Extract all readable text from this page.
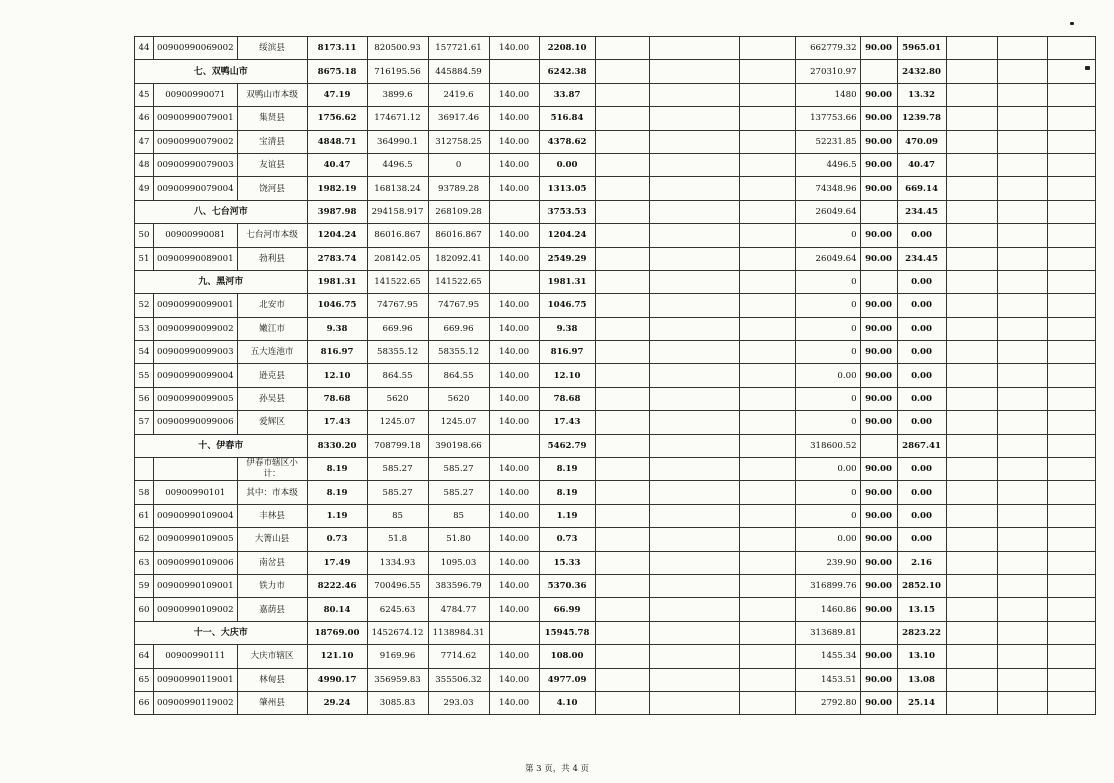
44	00900990069002	绥滨县	8173.11	820500.93	157721.61	140.00	2208.10				662779.32	90.00	5965.01			
七、双鸭山市			8675.18	716195.56	445884.59		6242.38				270310.97		2432.80			
45	00900990071	双鸭山市本级	47.19	3899.6	2419.6	140.00	33.87				1480	90.00	13.32			
46	00900990079001	集贤县	1756.62	174671.12	36917.46	140.00	516.84				137753.66	90.00	1239.78			
47	00900990079002	宝清县	4848.71	364990.1	312758.25	140.00	4378.62				52231.85	90.00	470.09			
48	00900990079003	友谊县	40.47	4496.5	0	140.00	0.00				4496.5	90.00	40.47			
49	00900990079004	饶河县	1982.19	168138.24	93789.28	140.00	1313.05				74348.96	90.00	669.14			
八、七台河市			3987.98	294158.917	268109.28		3753.53				26049.64		234.45			
50	00900990081	七台河市本级	1204.24	86016.867	86016.867	140.00	1204.24				0	90.00	0.00			
51	00900990089001	勃利县	2783.74	208142.05	182092.41	140.00	2549.29				26049.64	90.00	234.45			
九、黑河市			1981.31	141522.65	141522.65		1981.31				0		0.00			
52	00900990099001	北安市	1046.75	74767.95	74767.95	140.00	1046.75				0	90.00	0.00			
53	00900990099002	嫩江市	9.38	669.96	669.96	140.00	9.38				0	90.00	0.00			
54	00900990099003	五大连池市	816.97	58355.12	58355.12	140.00	816.97				0	90.00	0.00			
55	00900990099004	逊克县	12.10	864.55	864.55	140.00	12.10				0.00	90.00	0.00			
56	00900990099005	孙吴县	78.68	5620	5620	140.00	78.68				0	90.00	0.00			
57	00900990099006	爱辉区	17.43	1245.07	1245.07	140.00	17.43				0	90.00	0.00			
十、伊春市			8330.20	708799.18	390198.66		5462.79				318600.52		2867.41			
		伊春市辖区小计：	8.19	585.27	585.27	140.00	8.19				0.00	90.00	0.00			
58	00900990101	其中：市本级	8.19	585.27	585.27	140.00	8.19				0	90.00	0.00			
61	00900990109004	丰林县	1.19	85	85	140.00	1.19				0	90.00	0.00			
62	00900990109005	大箐山县	0.73	51.8	51.80	140.00	0.73				0.00	90.00	0.00			
63	00900990109006	南岔县	17.49	1334.93	1095.03	140.00	15.33				239.90	90.00	2.16			
59	00900990109001	铁力市	8222.46	700496.55	383596.79	140.00	5370.36				316899.76	90.00	2852.10			
60	00900990109002	嘉荫县	80.14	6245.63	4784.77	140.00	66.99				1460.86	90.00	13.15			
十一、大庆市			18769.00	1452674.12	1138984.31		15945.78				313689.81		2823.22			
64	00900990111	大庆市辖区	121.10	9169.96	7714.62	140.00	108.00				1455.34	90.00	13.10			
65	00900990119001	林甸县	4990.17	356959.83	355506.32	140.00	4977.09				1453.51	90.00	13.08			
66	00900990119002	肇州县	29.24	3085.83	293.03	140.00	4.10				2792.80	90.00	25.14			
第 3 页，共 4 页
